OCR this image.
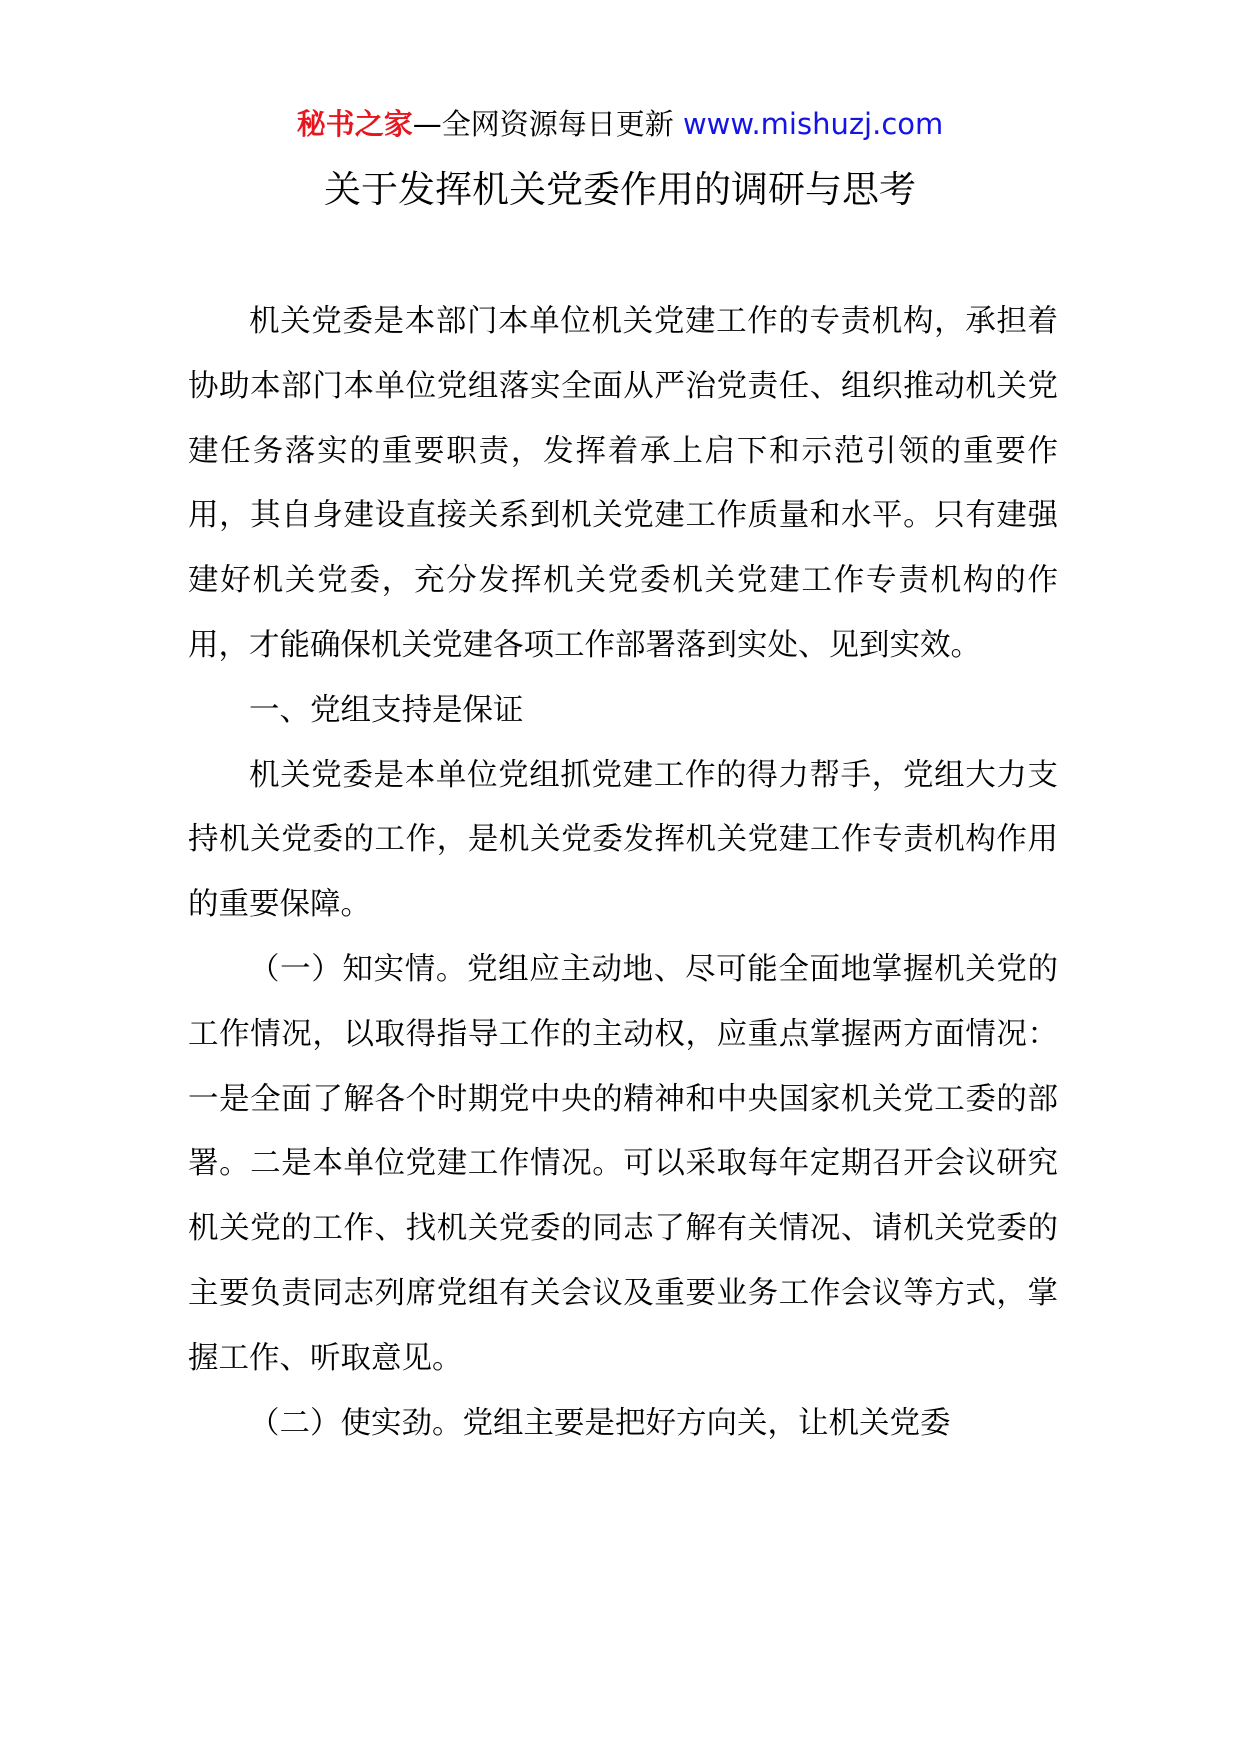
秘书之家—全网资源每日更新 www.mishuzj.com
关于发挥机关党委作用的调研与思考

机关党委是本部门本单位机关党建工作的专责机构，承担着协助本部门本单位党组落实全面从严治党责任、组织推动机关党建任务落实的重要职责，发挥着承上启下和示范引领的重要作用，其自身建设直接关系到机关党建工作质量和水平。只有建强建好机关党委，充分发挥机关党委机关党建工作专责机构的作用，才能确保机关党建各项工作部署落到实处、见到实效。

一、党组支持是保证

机关党委是本单位党组抓党建工作的得力帮手，党组大力支持机关党委的工作，是机关党委发挥机关党建工作专责机构作用的重要保障。

（一）知实情。党组应主动地、尽可能全面地掌握机关党的工作情况，以取得指导工作的主动权，应重点掌握两方面情况：一是全面了解各个时期党中央的精神和中央国家机关党工委的部署。二是本单位党建工作情况。可以采取每年定期召开会议研究机关党的工作、找机关党委的同志了解有关情况、请机关党委的主要负责同志列席党组有关会议及重要业务工作会议等方式，掌握工作、听取意见。

（二）使实劲。党组主要是把好方向关，让机关党委
